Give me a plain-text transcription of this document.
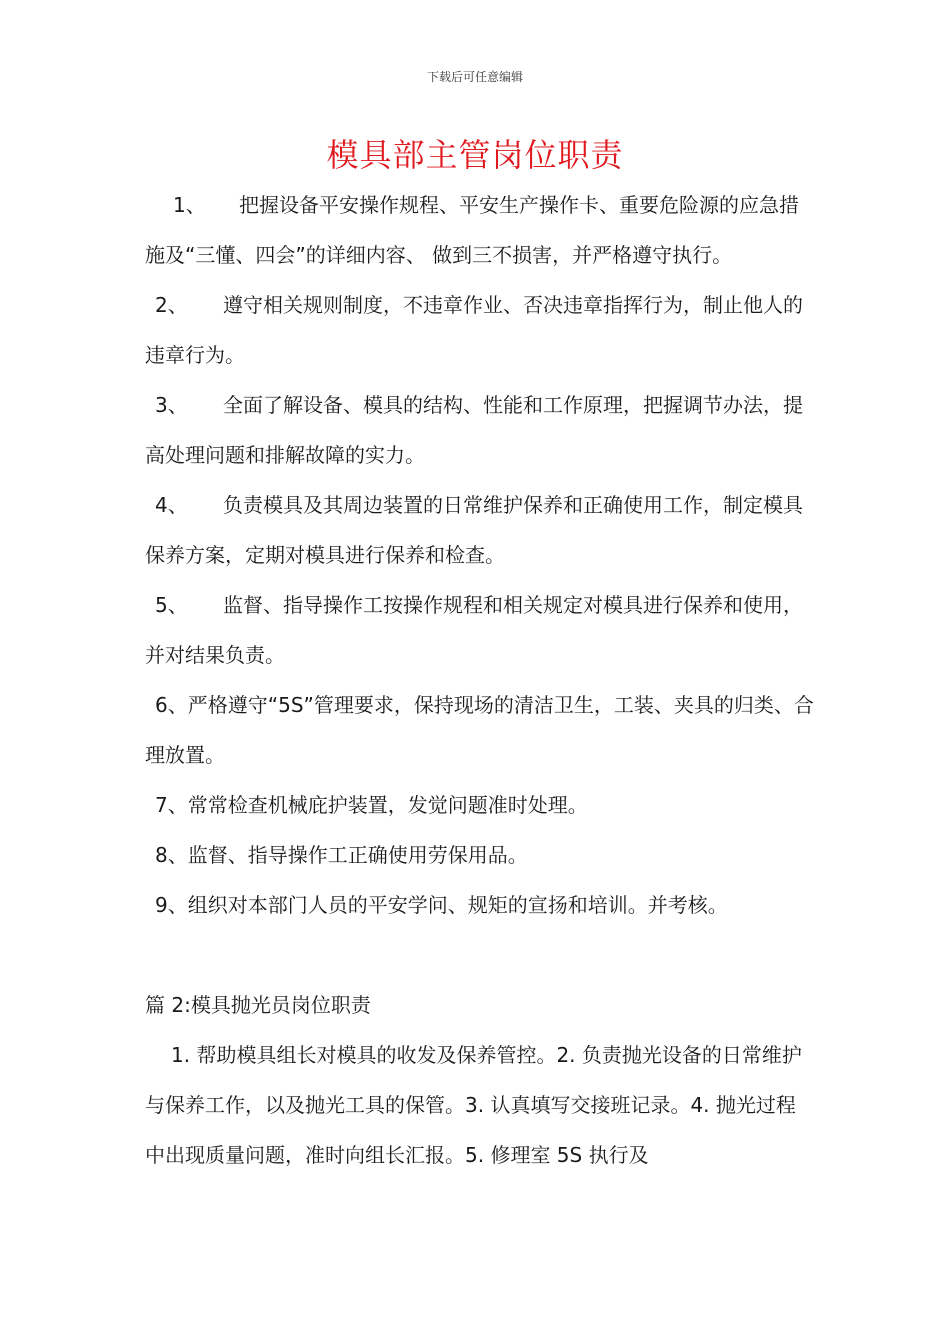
下载后可任意编辑
模具部主管岗位职责

1、 把握设备平安操作规程、平安生产操作卡、重要危险源的应急措施及“三懂、四会”的详细内容、 做到三不损害，并严格遵守执行。

2、 遵守相关规则制度，不违章作业、否决违章指挥行为，制止他人的违章行为。

3、 全面了解设备、模具的结构、性能和工作原理，把握调节办法，提高处理问题和排解故障的实力。

4、 负责模具及其周边装置的日常维护保养和正确使用工作，制定模具保养方案，定期对模具进行保养和检查。

5、 监督、指导操作工按操作规程和相关规定对模具进行保养和使用，并对结果负责。

6、严格遵守“5S”管理要求，保持现场的清洁卫生，工装、夹具的归类、合理放置。

7、常常检查机械庇护装置，发觉问题准时处理。

8、监督、指导操作工正确使用劳保用品。

9、组织对本部门人员的平安学问、规矩的宣扬和培训。并考核。

篇 2:模具抛光员岗位职责

1. 帮助模具组长对模具的收发及保养管控。2. 负责抛光设备的日常维护与保养工作，以及抛光工具的保管。3. 认真填写交接班记录。4. 抛光过程中出现质量问题，准时向组长汇报。5. 修理室 5S 执行及
